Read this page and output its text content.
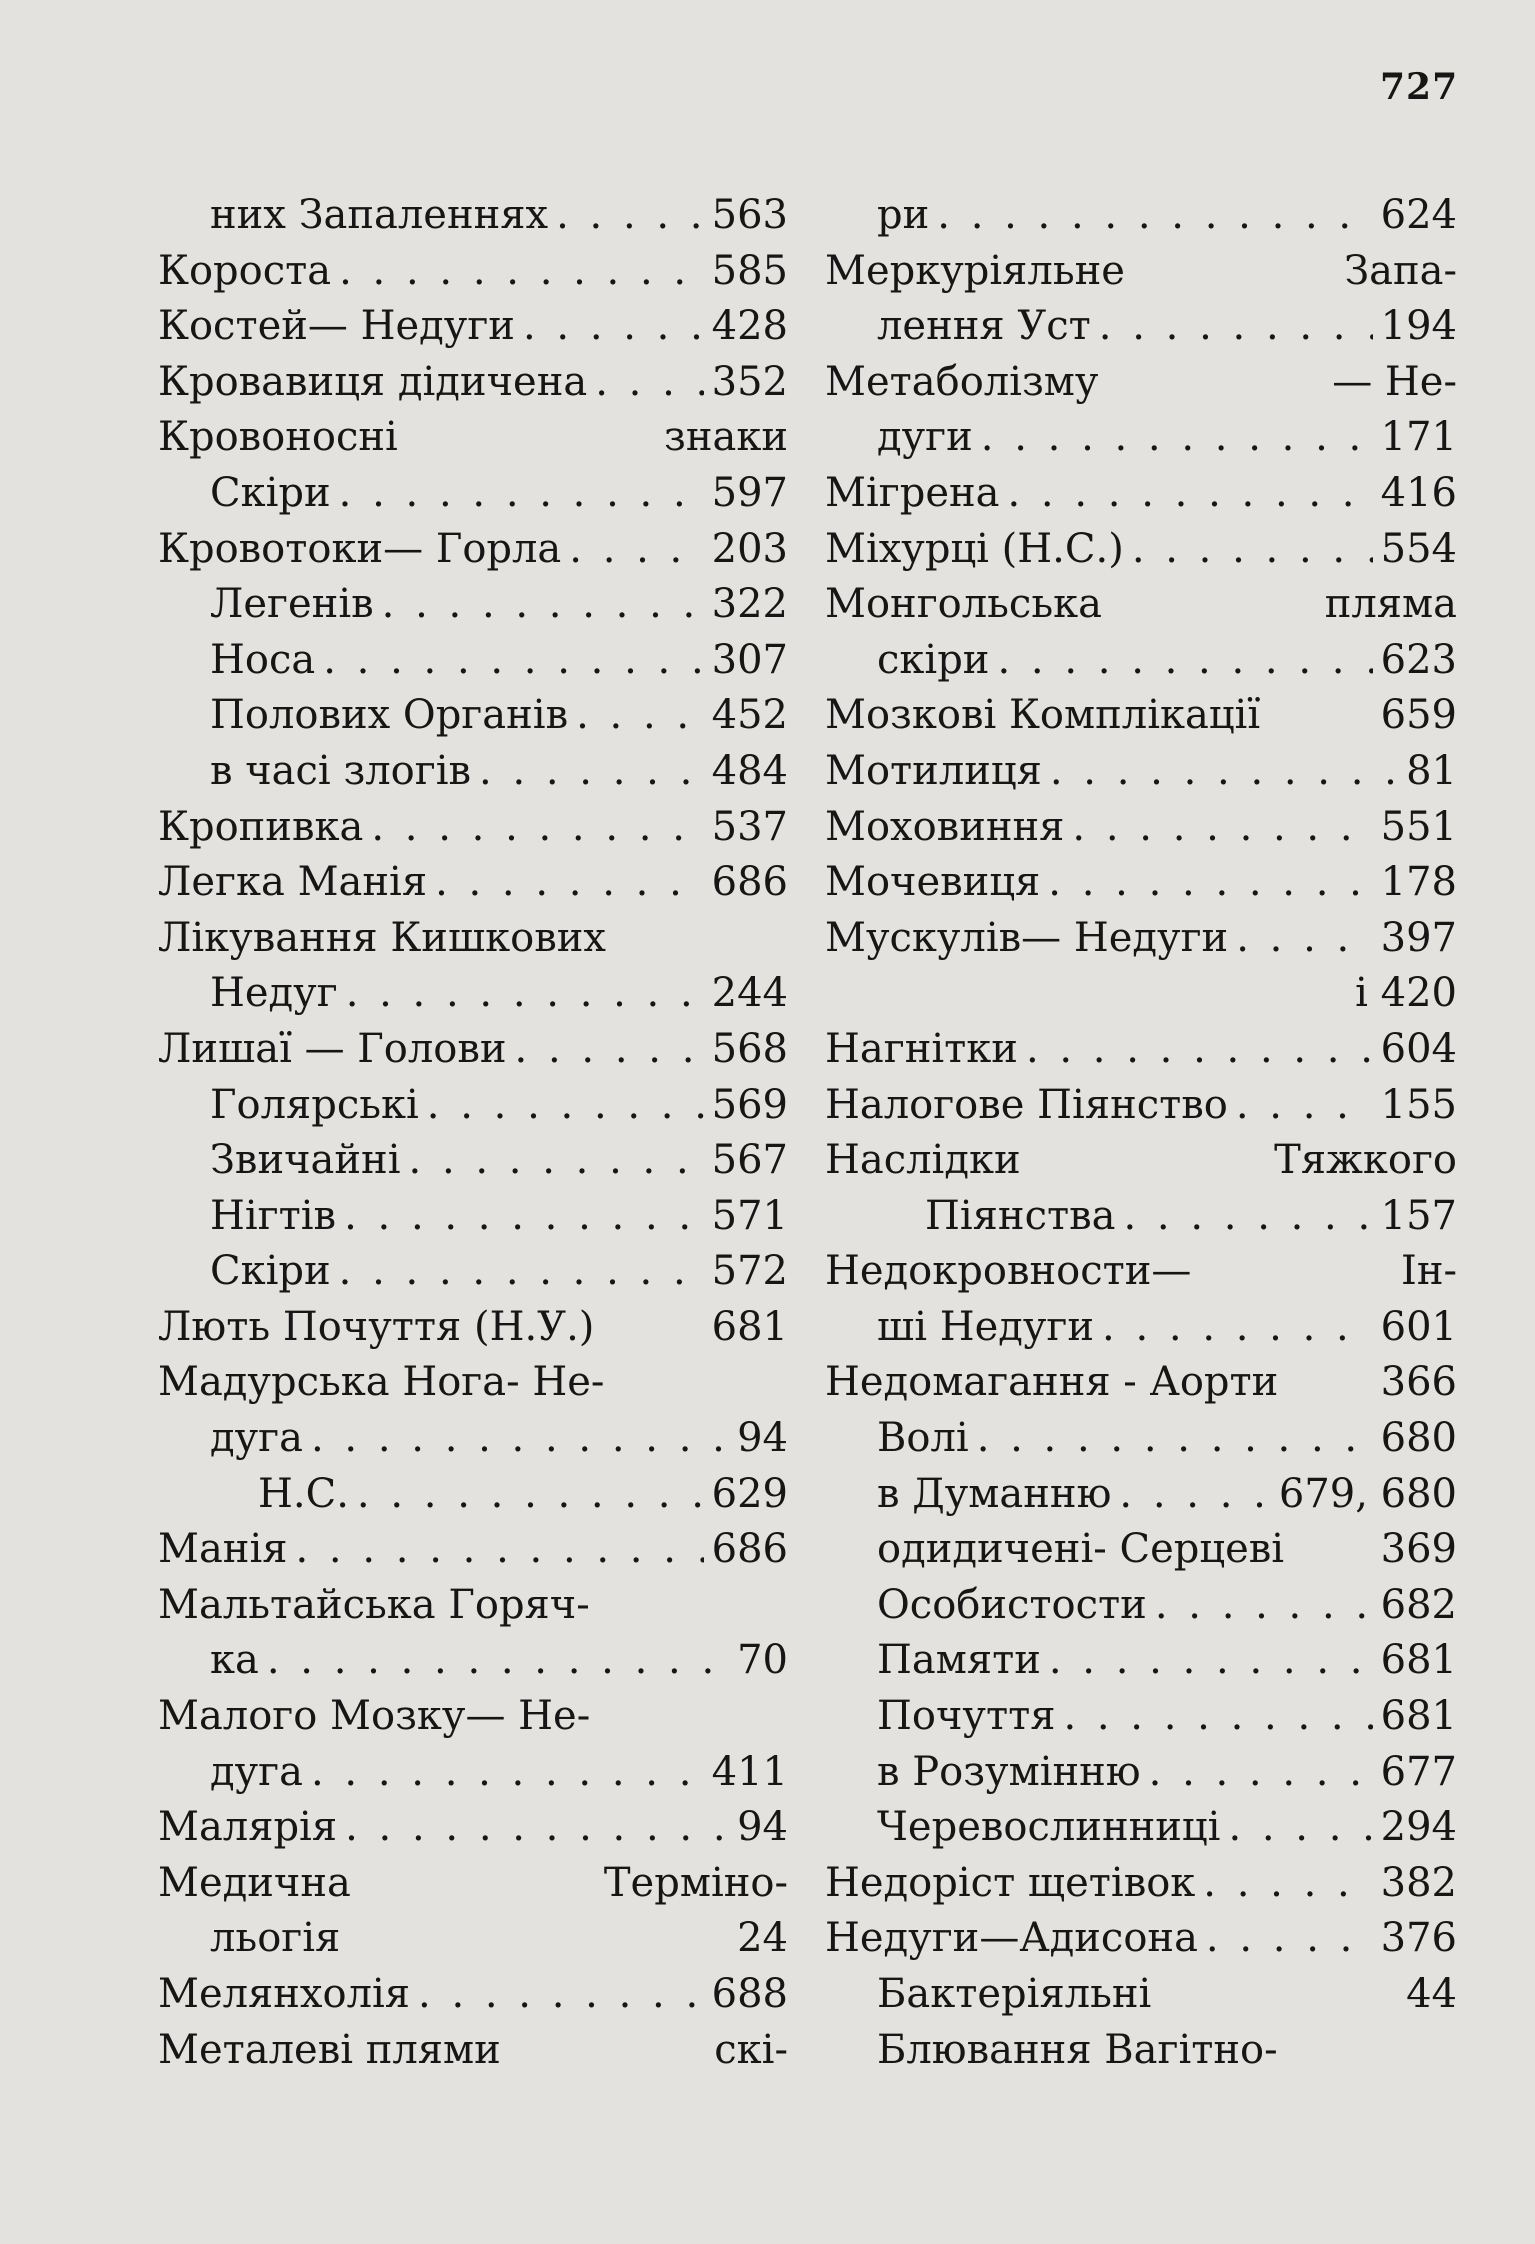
727
них Запаленнях . . .	563
Короста . . .	585
Костей— Недуги . . .	428
Кровавиця дідичена . . .	352
Кровоносні	знаки
Скіри . . .	597
Кровотоки— Горла . . .	203
Легенів . . .	322
Носа . . .	307
Полових Органів . . .	452
в часі злогів . . .	484
Кропивка . . .	537
Легка Манія . . .	686
Лікування Кишкових
Недуг . . .	244
Лишаї — Голови . . .	568
Голярські . . .	569
Звичайні . . .	567
Нігтів . . .	571
Скіри . . .	572
Лють Почуття (Н.У.)	681
Мадурська Нога- Не-
дуга . . .	94
Н.С. . . .	629
Манія . . .	686
Мальтайська Горяч-
ка . . .	70
Малого Мозку— Не-
дуга . . .	411
Малярія . . .	94
Медична	Терміно-
льогія	24
Мелянхолія . . .	688
Металеві плями	скі-
ри . . .	624
Меркуріяльне	Запа-
лення Уст . . .	194
Метаболізму	— Не-
дуги . . .	171
Мігрена . . .	416
Міхурці (Н.С.) . . .	554
Монгольська	пляма
скіри . . .	623
Мозкові Комплікації	659
Мотилиця . . .	81
Моховиння . . .	551
Мочевиця . . .	178
Мускулів— Недуги . . .	397
і 420
Нагнітки . . .	604
Налогове Піянство . . .	155
Наслідки	Тяжкого
Піянства . . .	157
Недокровности—	Ін-
ші Недуги . . .	601
Недомагання - Аорти	366
Волі . . .	680
в Думанню . . .	679, 680
одидичені- Серцеві 369
Особистости . . .	682
Памяти . . .	681
Почуття . . .	681
в Розумінню . . .	677
Черевослинниці . . .	294
Недоріст щетівок . . .	382
Недуги—Адисона . . .	376
Бактеріяльні	44
Блювання Вагітно-
